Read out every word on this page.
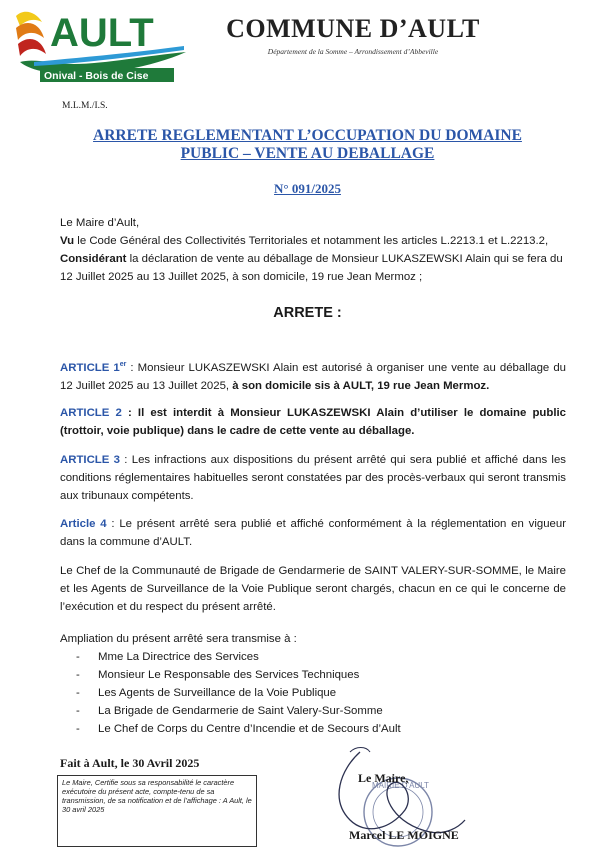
AULT
Onival - Bois de Cise
COMMUNE D’AULT
Département de la Somme – Arrondissement d’Abbeville
M.L.M./I.S.
ARRETE REGLEMENTANT L’OCCUPATION DU DOMAINE
PUBLIC – VENTE AU DEBALLAGE
N° 091/2025
Le Maire d’Ault,
Vu le Code Général des Collectivités Territoriales et notamment les articles L.2213.1 et L.2213.2,
Considérant la déclaration de vente au déballage de Monsieur LUKASZEWSKI Alain qui se fera du 12 Juillet 2025 au 13 Juillet 2025, à son domicile, 19 rue Jean Mermoz ;
ARRETE :
ARTICLE 1er : Monsieur LUKASZEWSKI Alain est autorisé à organiser une vente au déballage du 12 Juillet 2025 au 13 Juillet 2025, à son domicile sis à AULT, 19 rue Jean Mermoz.
ARTICLE 2 : Il est interdit à Monsieur LUKASZEWSKI Alain d’utiliser le domaine public (trottoir, voie publique) dans le cadre de cette vente au déballage.
ARTICLE 3 : Les infractions aux dispositions du présent arrêté qui sera publié et affiché dans les conditions réglementaires habituelles seront constatées par des procès-verbaux qui seront transmis aux tribunaux compétents.
Article 4 : Le présent arrêté sera publié et affiché conformément à la réglementation en vigueur dans la commune d’AULT.
Le Chef de la Communauté de Brigade de Gendarmerie de SAINT VALERY-SUR-SOMME, le Maire et les Agents de Surveillance de la Voie Publique seront chargés, chacun en ce qui le concerne de l’exécution et du respect du présent arrêté.
Ampliation du présent arrêté sera transmise à :
- Mme La Directrice des Services
- Monsieur Le Responsable des Services Techniques
- Les Agents de Surveillance de la Voie Publique
- La Brigade de Gendarmerie de Saint Valery-Sur-Somme
- Le Chef de Corps du Centre d’Incendie et de Secours d’Ault
Fait à Ault, le 30 Avril 2025
Le Maire, Certifie sous sa responsabilité le caractère exécutoire du présent acte, compte-tenu de sa transmission, de sa notification et de l’affichage : A Ault, le 30 avril 2025
MAIRIE D'AULT
Le Maire,
Marcel LE MOIGNE
